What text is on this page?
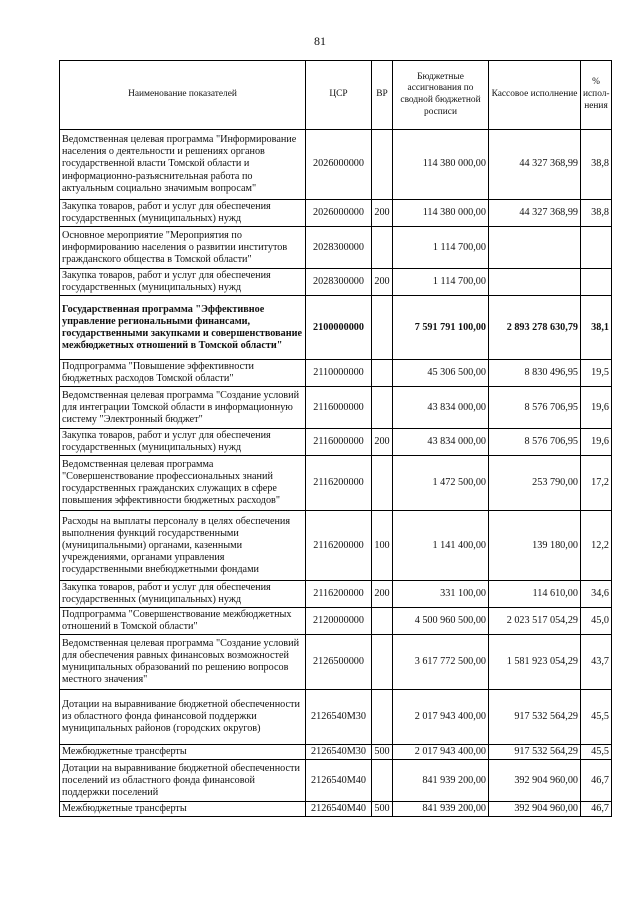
81
Наименование показателей	ЦСР	ВР	Бюджетные ассигнования по сводной бюджетной росписи	Кассовое исполнение	% испол-нения
Ведомственная целевая программа "Информирование населения о деятельности и решениях органов государственной власти Томской области и информационно-разъяснительная работа по актуальным социально значимым вопросам"	2026000000		114 380 000,00	44 327 368,99	38,8
Закупка товаров, работ и услуг для обеспечения государственных (муниципальных) нужд	2026000000	200	114 380 000,00	44 327 368,99	38,8
Основное мероприятие "Мероприятия по информированию населения о развитии институтов гражданского общества в Томской области"	2028300000		1 114 700,00		
Закупка товаров, работ и услуг для обеспечения государственных (муниципальных) нужд	2028300000	200	1 114 700,00		
Государственная программа "Эффективное управление региональными финансами, государственными закупками и совершенствование межбюджетных отношений в Томской области"	2100000000		7 591 791 100,00	2 893 278 630,79	38,1
Подпрограмма "Повышение эффективности бюджетных расходов Томской области"	2110000000		45 306 500,00	8 830 496,95	19,5
Ведомственная целевая программа "Создание условий для интеграции Томской области в информационную систему "Электронный бюджет"	2116000000		43 834 000,00	8 576 706,95	19,6
Закупка товаров, работ и услуг для обеспечения государственных (муниципальных) нужд	2116000000	200	43 834 000,00	8 576 706,95	19,6
Ведомственная целевая программа "Совершенствование профессиональных знаний государственных гражданских служащих в сфере повышения эффективности бюджетных расходов"	2116200000		1 472 500,00	253 790,00	17,2
Расходы на выплаты персоналу в целях обеспечения выполнения функций государственными (муниципальными) органами, казенными учреждениями, органами управления государственными внебюджетными фондами	2116200000	100	1 141 400,00	139 180,00	12,2
Закупка товаров, работ и услуг для обеспечения государственных (муниципальных) нужд	2116200000	200	331 100,00	114 610,00	34,6
Подпрограмма "Совершенствование межбюджетных отношений в Томской области"	2120000000		4 500 960 500,00	2 023 517 054,29	45,0
Ведомственная целевая программа "Создание условий для обеспечения равных финансовых возможностей муниципальных образований по решению вопросов местного значения"	2126500000		3 617 772 500,00	1 581 923 054,29	43,7
Дотации на выравнивание бюджетной обеспеченности из областного фонда финансовой поддержки муниципальных районов (городских округов)	2126540М30		2 017 943 400,00	917 532 564,29	45,5
Межбюджетные трансферты	2126540М30	500	2 017 943 400,00	917 532 564,29	45,5
Дотации на выравнивание бюджетной обеспеченности поселений из областного фонда финансовой поддержки поселений	2126540М40		841 939 200,00	392 904 960,00	46,7
Межбюджетные трансферты	2126540М40	500	841 939 200,00	392 904 960,00	46,7
